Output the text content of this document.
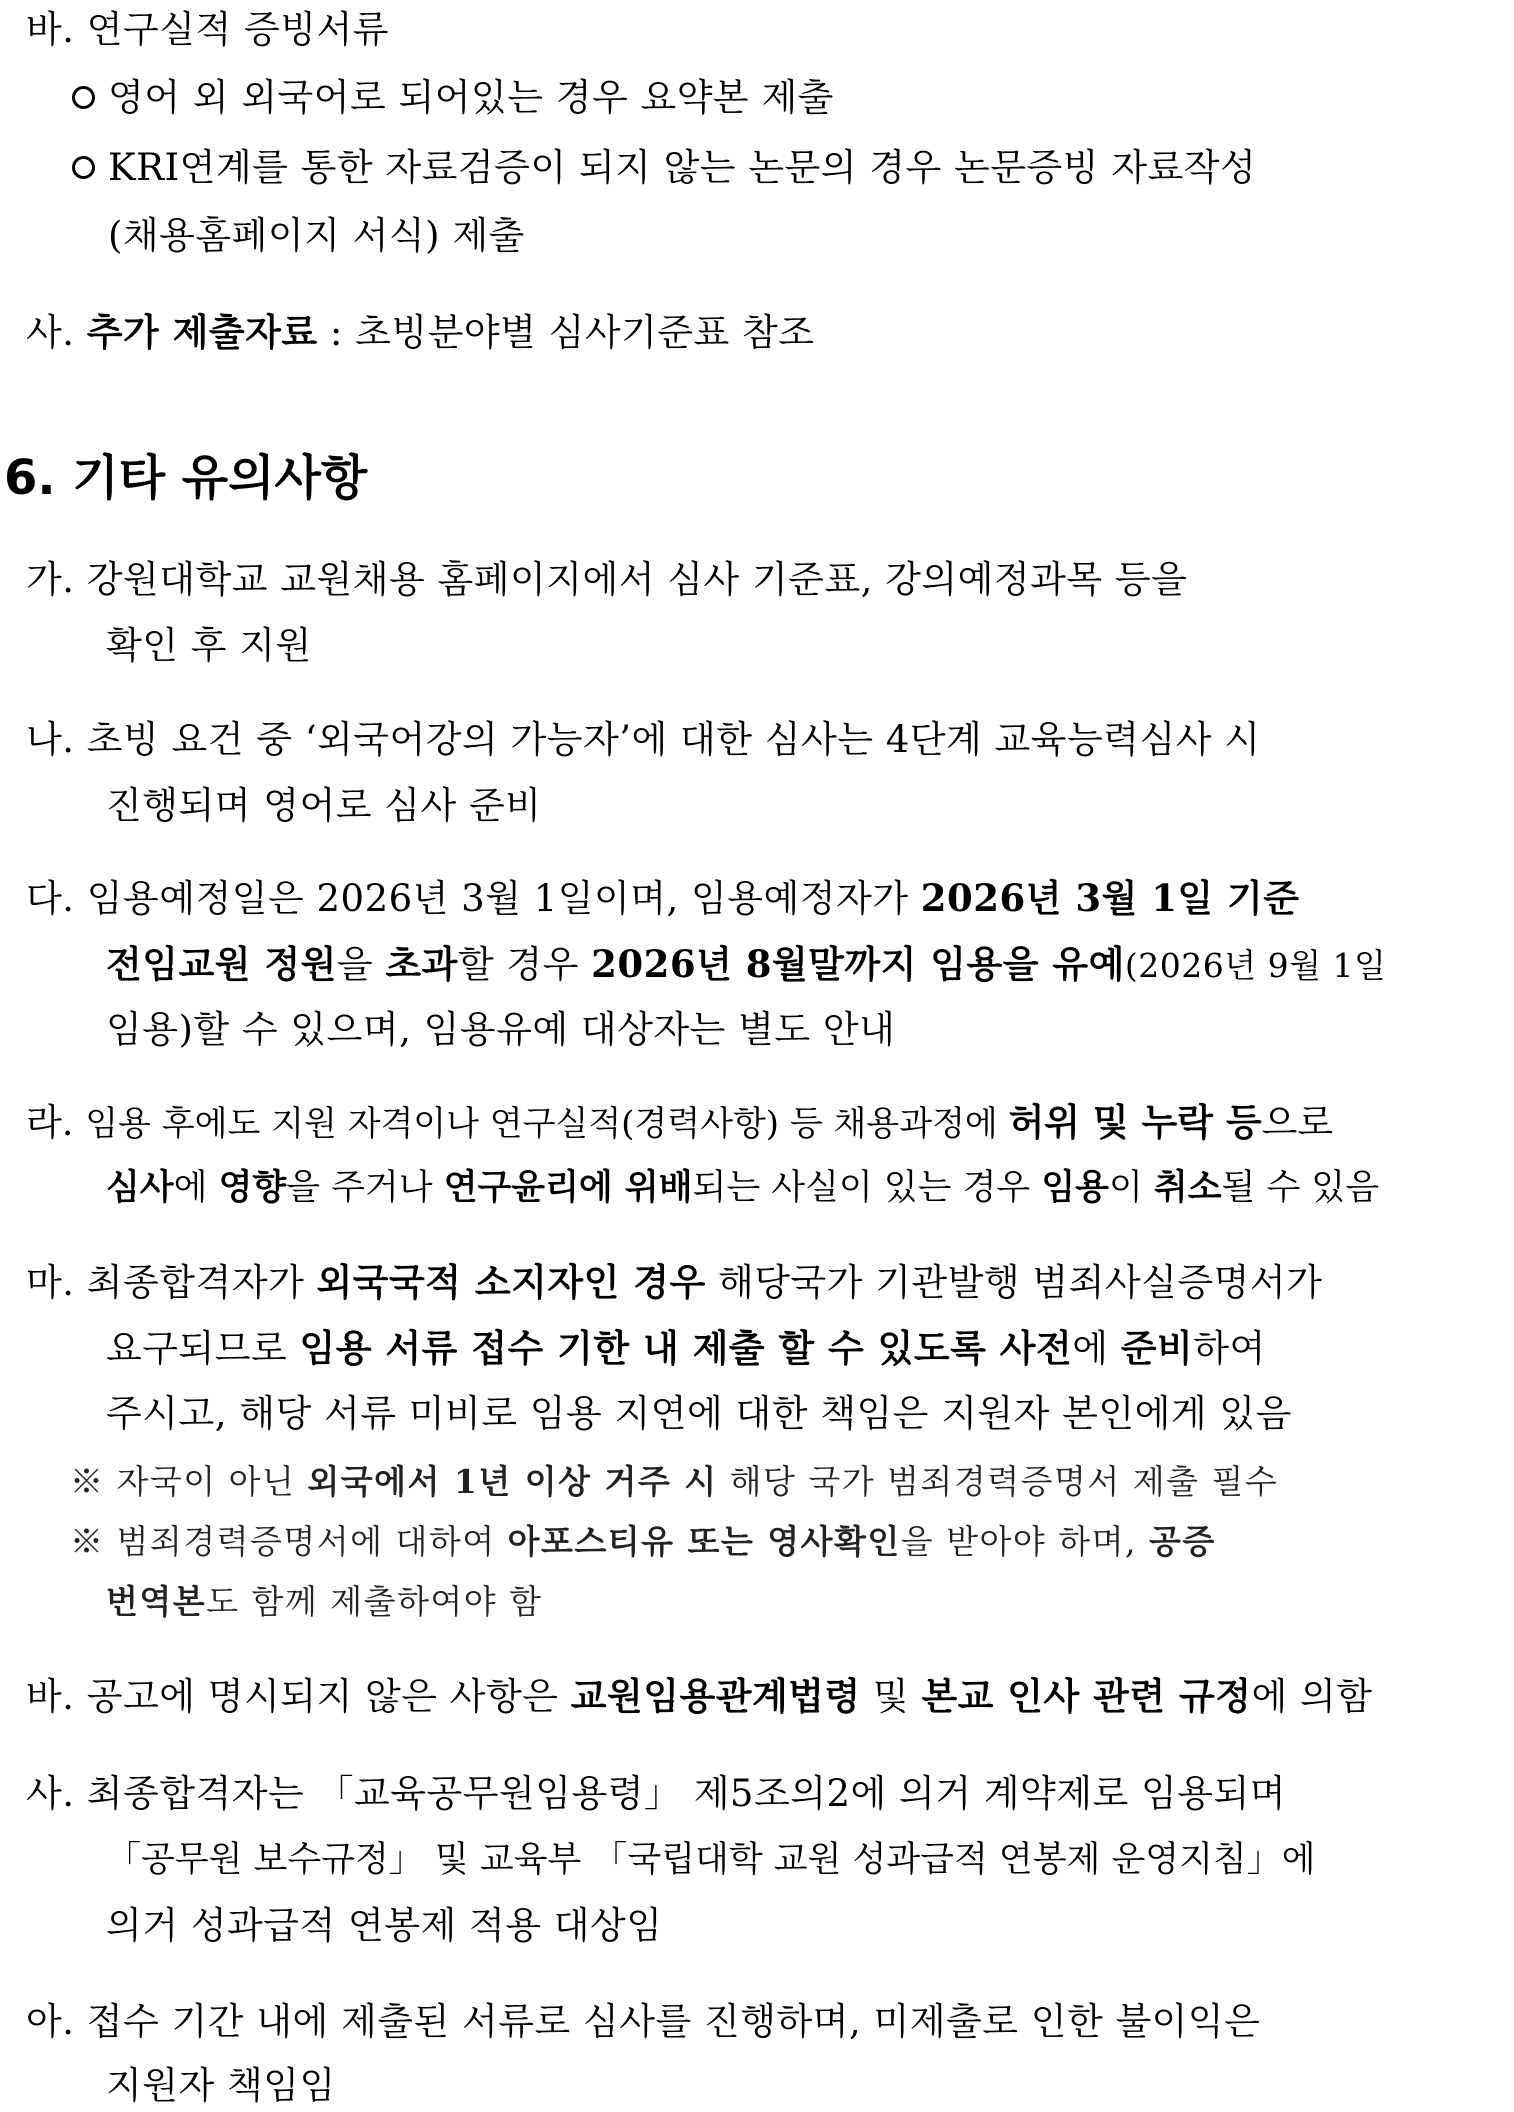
바. 연구실적 증빙서류
영어 외 외국어로 되어있는 경우 요약본 제출
KRI연계를 통한 자료검증이 되지 않는 논문의 경우 논문증빙 자료작성
(채용홈페이지 서식) 제출
사. 추가 제출자료 : 초빙분야별 심사기준표 참조
6. 기타 유의사항
가. 강원대학교 교원채용 홈페이지에서 심사 기준표, 강의예정과목 등을
확인 후 지원
나. 초빙 요건 중 ‘외국어강의 가능자’에 대한 심사는 4단계 교육능력심사 시
진행되며 영어로 심사 준비
다. 임용예정일은 2026년 3월 1일이며, 임용예정자가 2026년 3월 1일 기준
전임교원 정원을 초과할 경우 2026년 8월말까지 임용을 유예(2026년 9월 1일
임용)할 수 있으며, 임용유예 대상자는 별도 안내
라. 임용 후에도 지원 자격이나 연구실적(경력사항) 등 채용과정에 허위 및 누락 등으로
심사에 영향을 주거나 연구윤리에 위배되는 사실이 있는 경우 임용이 취소될 수 있음
마. 최종합격자가 외국국적 소지자인 경우 해당국가 기관발행 범죄사실증명서가
요구되므로 임용 서류 접수 기한 내 제출 할 수 있도록 사전에 준비하여
주시고, 해당 서류 미비로 임용 지연에 대한 책임은 지원자 본인에게 있음
※ 자국이 아닌 외국에서 1년 이상 거주 시 해당 국가 범죄경력증명서 제출 필수
※ 범죄경력증명서에 대하여 아포스티유 또는 영사확인을 받아야 하며, 공증
번역본도 함께 제출하여야 함
바. 공고에 명시되지 않은 사항은 교원임용관계법령 및 본교 인사 관련 규정에 의함
사. 최종합격자는 「교육공무원임용령」 제5조의2에 의거 계약제로 임용되며
「공무원 보수규정」 및 교육부 「국립대학 교원 성과급적 연봉제 운영지침」에
의거 성과급적 연봉제 적용 대상임
아. 접수 기간 내에 제출된 서류로 심사를 진행하며, 미제출로 인한 불이익은
지원자 책임임
